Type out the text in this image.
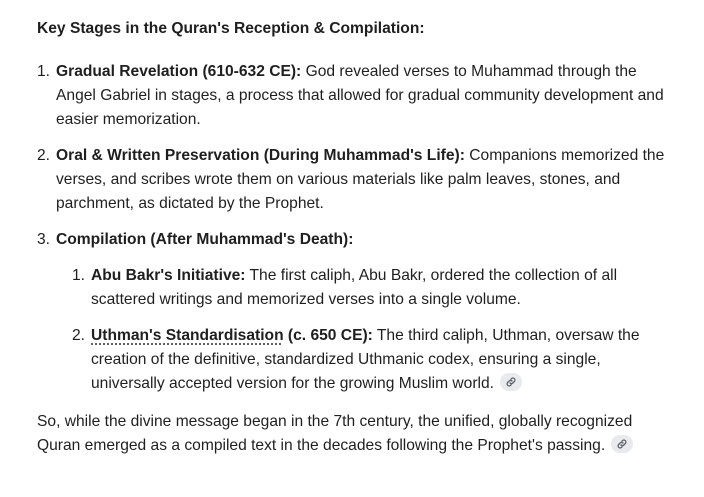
Key Stages in the Quran's Reception & Compilation:
1. Gradual Revelation (610-632 CE): God revealed verses to Muhammad through the Angel Gabriel in stages, a process that allowed for gradual community development and easier memorization.
2. Oral & Written Preservation (During Muhammad's Life): Companions memorized the verses, and scribes wrote them on various materials like palm leaves, stones, and parchment, as dictated by the Prophet.
3. Compilation (After Muhammad's Death):
1. Abu Bakr's Initiative: The first caliph, Abu Bakr, ordered the collection of all scattered writings and memorized verses into a single volume.
2. Uthman's Standardisation (c. 650 CE): The third caliph, Uthman, oversaw the creation of the definitive, standardized Uthmanic codex, ensuring a single, universally accepted version for the growing Muslim world.

So, while the divine message began in the 7th century, the unified, globally recognized Quran emerged as a compiled text in the decades following the Prophet's passing.
